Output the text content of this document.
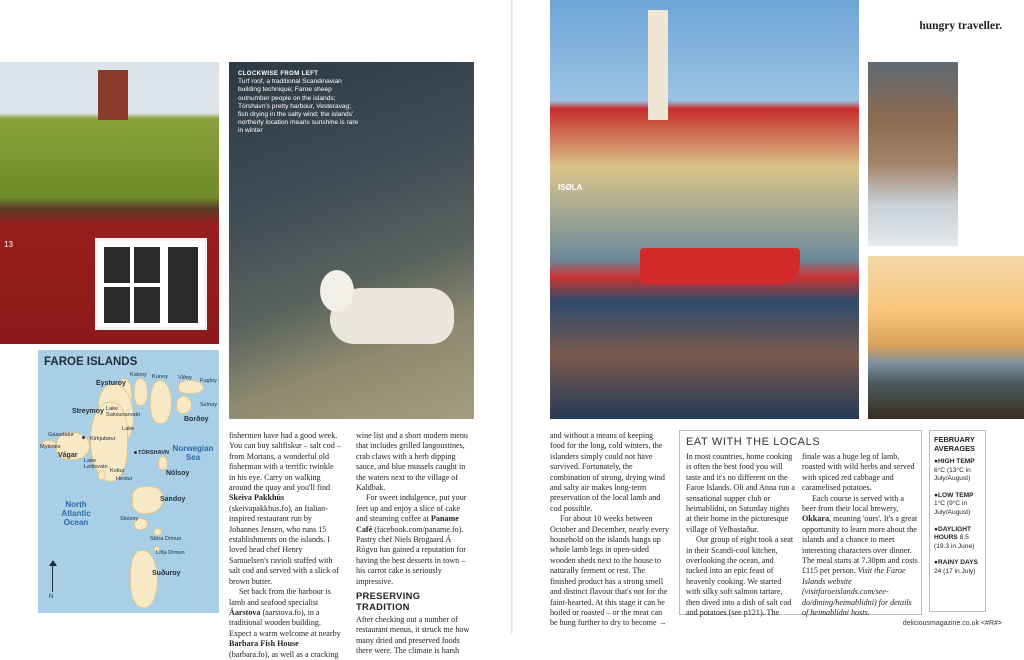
13
CLOCKWISE FROM LEFT
Turf roof, a traditional Scandinavian building technique; Faroe sheep outnumber people on the islands; Tórshavn's pretty harbour, Vesteravag; fish drying in the salty wind; the islands' northerly location means sunshine is rare in winter
ISØLA
hungry traveller.
FAROE ISLANDS
Kalsoy Kunoy Viðoy Fugloy
Eysturoy
Svínoy
Streymoy Lake Saksunarvatn
Borðoy
Gásadalur
Kirkjubøur
Mykines
Lake
Vágar	TÓRSHAVN
Lake Leitisvatn
Koltur
Hestur
Nólsoy
Norwegian Sea
Sandoy
North Atlantic Ocean	Skúvoy
Stóra Dímun
Lítla Dímun
Suðuroy
N

fishermen have had a good week. You can buy saltfiskur – salt cod – from Mortans, a wonderful old fisherman with a terrific twinkle in his eye. Carry on walking around the quay and you'll find Skeiva Pakkhús (skeivapakkhus.fo), an Italian-inspired restaurant run by Johannes Jensen, who runs 15 establishments on the islands. I loved head chef Henry Samuelsen's ravioli stuffed with salt cod and served with a slick of brown butter.

Set back from the harbour is lamb and seafood specialist Áarstova (aarstova.fo), in a traditional wooden building. Expect a warm welcome at nearby Barbara Fish House (barbara.fo), as well as a cracking

wine list and a short modern menu that includes grilled langoustines, crab claws with a herb dipping sauce, and blue mussels caught in the waters next to the village of Kaldbak.

For sweet indulgence, put your feet up and enjoy a slice of cake and steaming coffee at Paname Café (facebook.com/paname.fo). Pastry chef Niels Brogaard Á Rógvu has gained a reputation for having the best desserts in town – his carrot cake is seriously impressive.

PRESERVING TRADITION

After checking out a number of restaurant menus, it struck me how many dried and preserved foods there were. The climate is harsh

and without a means of keeping food for the long, cold winters, the islanders simply could not have survived. Fortunately, the combination of strong, drying wind and salty air makes long-term preservation of the local lamb and cod possible.

For about 10 weeks between October and December, nearly every household on the islands hangs up whole lamb legs in open-sided wooden sheds next to the house to naturally ferment or rest. The finished product has a strong smell and distinct flavour that's not for the faint-hearted. At this stage it can be boiled or roasted – or the meat can be hung further to dry to become →

EAT WITH THE LOCALS

In most countries, home cooking is often the best food you will taste and it's no different on the Faroe Islands. Oli and Anna run a sensational supper club or heimablídni, on Saturday nights at their home in the picturesque village of Velbastaður.

Our group of eight took a seat in their Scandi-cool kitchen, overlooking the ocean, and tucked into an epic feast of heavenly cooking. We started with silky soft salmon tartare, then dived into a dish of salt cod and potatoes (see p121). The

finale was a huge leg of lamb, roasted with wild herbs and served with spiced red cabbage and caramelised potatoes.

Each course is served with a beer from their local brewery, Okkara, meaning 'ours'. It's a great opportunity to learn more about the islands and a chance to meet interesting characters over dinner. The meal starts at 7.30pm and costs £115 per person. Visit the Faroe Islands website (visitfaroeislands.com/see-do/dining/heimablidni) for details of heimablídni hosts.

FEBRUARY AVERAGES
●HIGH TEMP 6°C (13°C in July/August)
●LOW TEMP 1°C (9°C in July/August)
●DAYLIGHT HOURS 8.5 (19.3 in June)
●RAINY DAYS 24 (17 in July)
deliciousmagazine.co.uk <#R#>
